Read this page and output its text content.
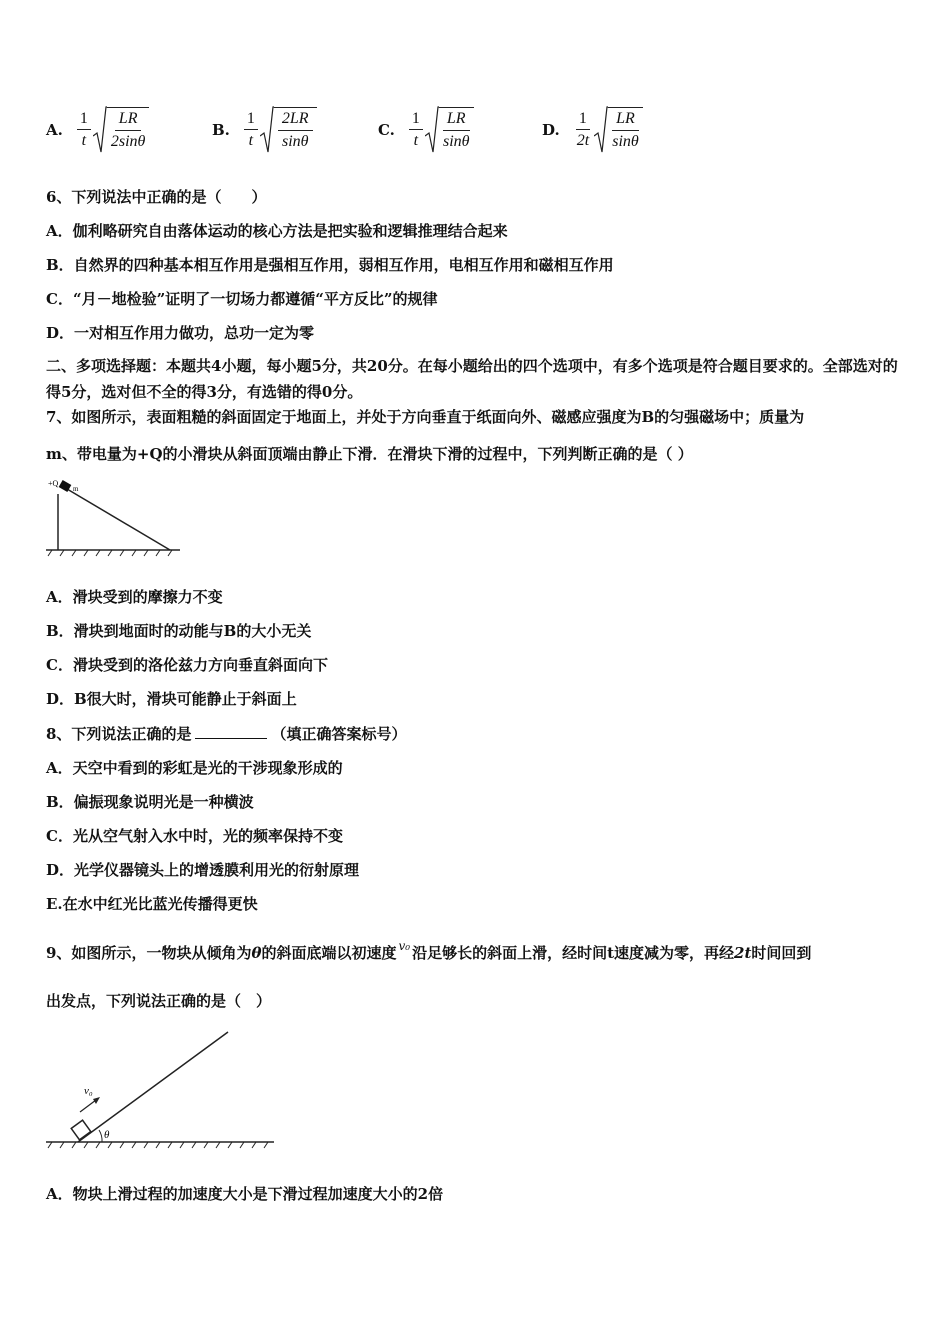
A. $\frac{1}{t}$ LR
2sinθ
B. $\frac{1}{t} 2LR$
sinθ
C. $\frac{1}{t}$ LR
sinθ
D. $\frac{1}{2t}$ LR
sinθ
6、下列说法中正确的是（　　）
A．伽利略研究自由落体运动的核心方法是把实验和逻辑推理结合起来
B．自然界的四种基本相互作用是强相互作用，弱相互作用，电相互作用和磁相互作用
C．“月－地检验”证明了一切场力都遵循“平方反比”的规律
D．一对相互作用力做功，总功一定为零
二、多项选择题：本题共4小题，每小题5分，共20分。在每小题给出的四个选项中，有多个选项是符合题目要求的。全部选对的得5分，选对但不全的得3分，有选错的得0分。
7、如图所示，表面粗糙的斜面固定于地面上，并处于方向垂直于纸面向外、磁感应强度为B的匀强磁场中；质量为
m、带电量为+Q的小滑块从斜面顶端由静止下滑．在滑块下滑的过程中，下列判断正确的是（ ）
+Q
m
A．滑块受到的摩擦力不变
B．滑块到地面时的动能与B的大小无关
C．滑块受到的洛伦兹力方向垂直斜面向下
D．B很大时，滑块可能静止于斜面上
8、下列说法正确的是	（填正确答案标号）
A．天空中看到的彩虹是光的干涉现象形成的
B．偏振现象说明光是一种横波
C．光从空气射入水中时，光的频率保持不变
D．光学仪器镜头上的增透膜利用光的衍射原理
E.在水中红光比蓝光传播得更快
9、如图所示，一物块从倾角为θ的斜面底端以初速度 $^{v_0}$ 沿足够长的斜面上滑，经时间t速度减为零，再经2t时间回到
出发点，下列说法正确的是（　）
θ
v₀
A．物块上滑过程的加速度大小是下滑过程加速度大小的2倍
